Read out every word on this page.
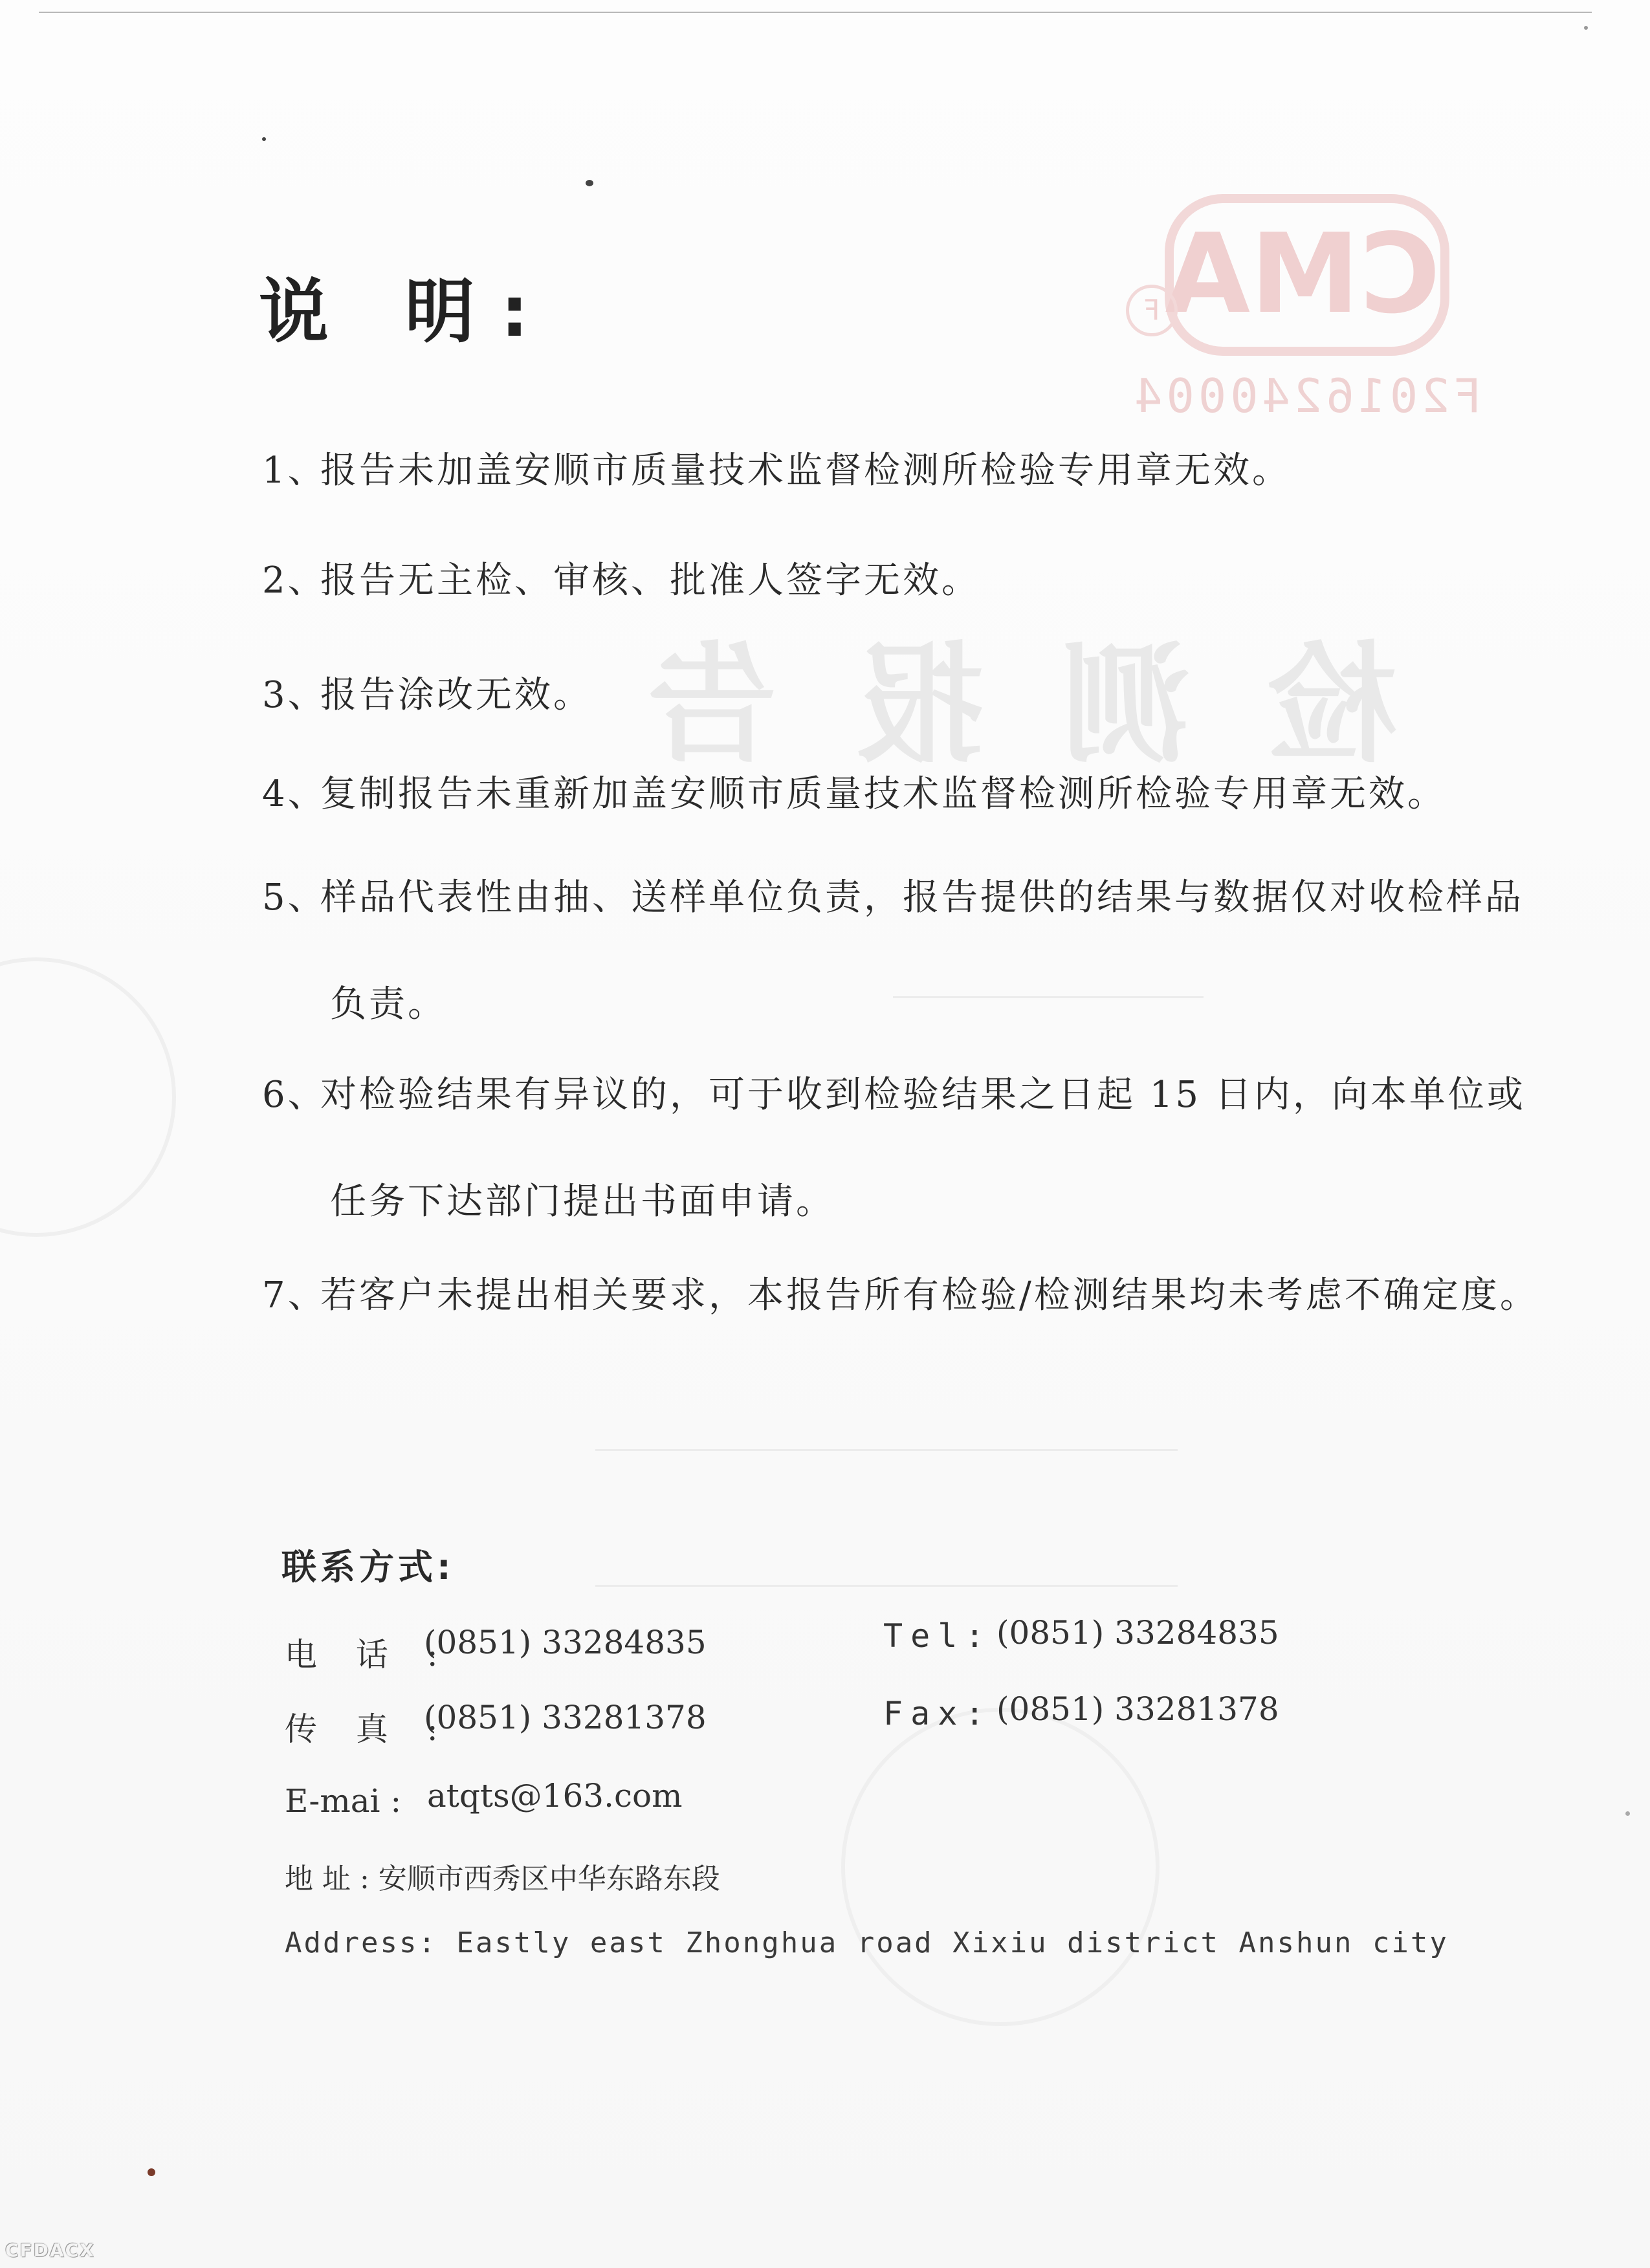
检测报告
CMA
F
F2016240004
说 明:
1、报告未加盖安顺市质量技术监督检测所检验专用章无效。
2、报告无主检、审核、批准人签字无效。
3、报告涂改无效。
4、复制报告未重新加盖安顺市质量技术监督检测所检验专用章无效。
5、样品代表性由抽、送样单位负责，报告提供的结果与数据仅对收检样品
负责。
6、对检验结果有异议的，可于收到检验结果之日起 15 日内，向本单位或
任务下达部门提出书面申请。
7、若客户未提出相关要求，本报告所有检验/检测结果均未考虑不确定度。
联系方式:
电 话 :
(0851) 33284835	Tel: (0851) 33284835
传 真 :
(0851) 33281378	Fax: (0851) 33281378
E-mai : atqts@163.com
地 址 : 安顺市西秀区中华东路东段
Address: Eastly east Zhonghua road Xixiu district Anshun city
CFDACX
